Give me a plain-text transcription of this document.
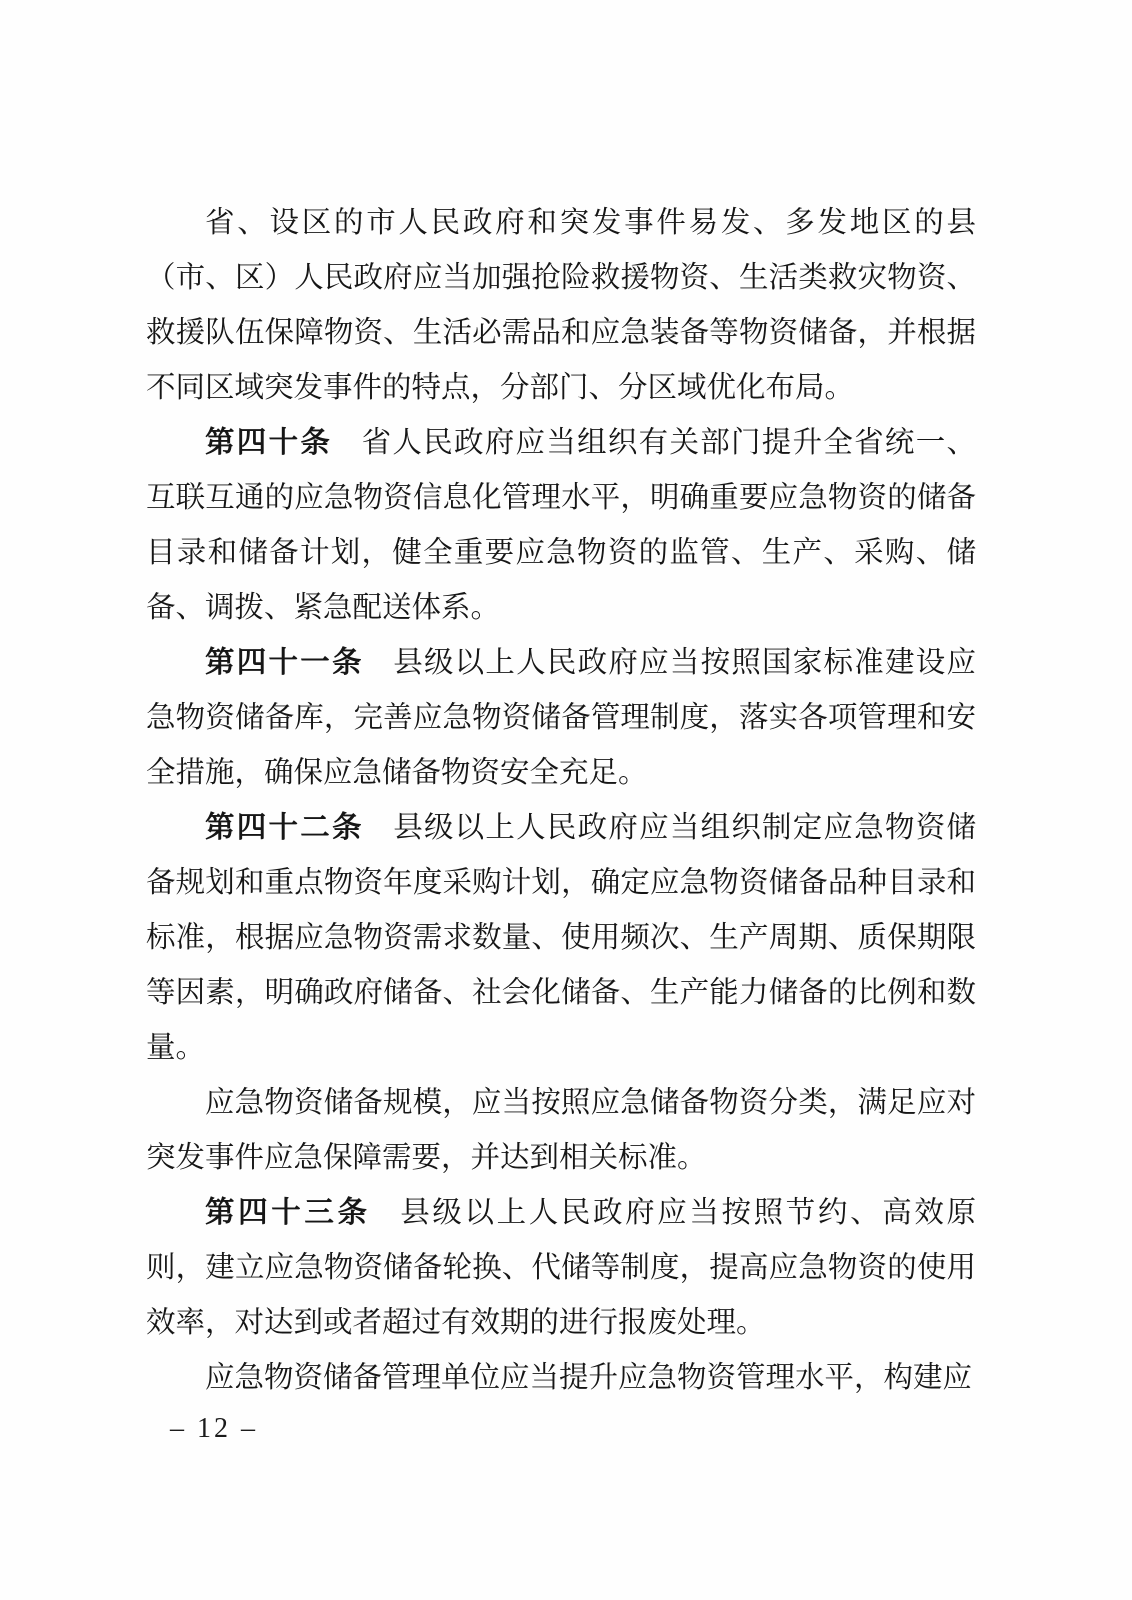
省、设区的市人民政府和突发事件易发、多发地区的县（市、区）人民政府应当加强抢险救援物资、生活类救灾物资、救援队伍保障物资、生活必需品和应急装备等物资储备，并根据不同区域突发事件的特点，分部门、分区域优化布局。

第四十条 省人民政府应当组织有关部门提升全省统一、互联互通的应急物资信息化管理水平，明确重要应急物资的储备目录和储备计划，健全重要应急物资的监管、生产、采购、储备、调拨、紧急配送体系。

第四十一条 县级以上人民政府应当按照国家标准建设应急物资储备库，完善应急物资储备管理制度，落实各项管理和安全措施，确保应急储备物资安全充足。

第四十二条 县级以上人民政府应当组织制定应急物资储备规划和重点物资年度采购计划，确定应急物资储备品种目录和标准，根据应急物资需求数量、使用频次、生产周期、质保期限等因素，明确政府储备、社会化储备、生产能力储备的比例和数量。

应急物资储备规模，应当按照应急储备物资分类，满足应对突发事件应急保障需要，并达到相关标准。

第四十三条 县级以上人民政府应当按照节约、高效原则，建立应急物资储备轮换、代储等制度，提高应急物资的使用效率，对达到或者超过有效期的进行报废处理。

应急物资储备管理单位应当提升应急物资管理水平，构建应

– 12 –
